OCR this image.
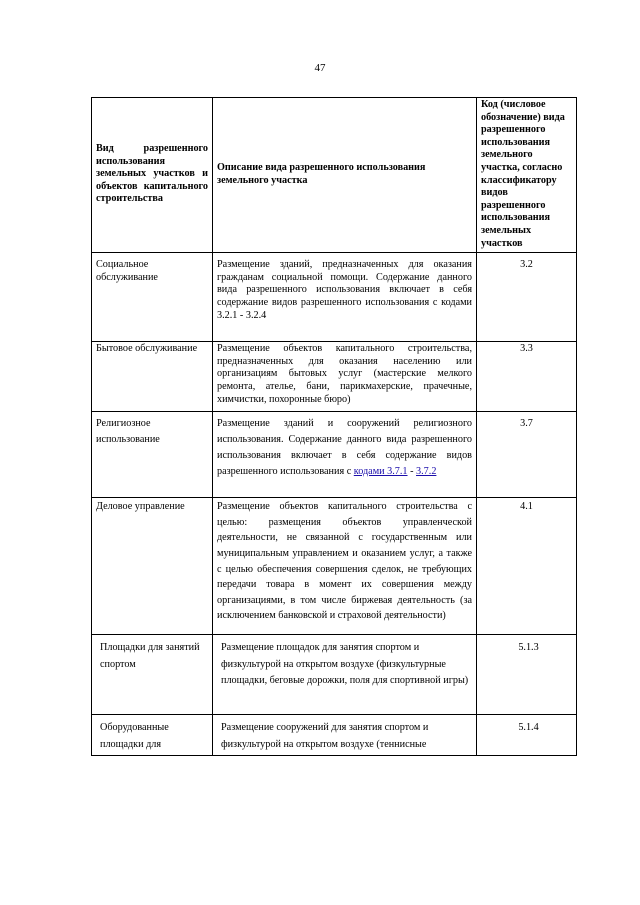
47
Вид разрешенного использования земельных участков и объектов капитального строительства	Описание вида разрешенного использования земельного участка	Код (числовое обозначение) вида разрешенного использования земельного участка, согласно классификатору видов разрешенного использования земельных участков
Социальное обслуживание	Размещение зданий, предназначенных для оказания гражданам социальной помощи. Содержание данного вида разрешенного использования включает в себя содержание видов разрешенного использования с кодами 3.2.1 - 3.2.4	3.2
Бытовое обслуживание	Размещение объектов капитального строительства, предназначенных для оказания населению или организациям бытовых услуг (мастерские мелкого ремонта, ателье, бани, парикмахерские, прачечные, химчистки, похоронные бюро)	3.3
Религиозное использование	Размещение зданий и сооружений религиозного использования. Содержание данного вида разрешенного использования включает в себя содержание видов разрешенного использования с кодами 3.7.1 - 3.7.2	3.7
Деловое управление	Размещение объектов капитального строительства с целью: размещения объектов управленческой деятельности, не связанной с государственным или муниципальным управлением и оказанием услуг, а также с целью обеспечения совершения сделок, не требующих передачи товара в момент их совершения между организациями, в том числе биржевая деятельность (за исключением банковской и страховой деятельности)	4.1
Площадки для занятий спортом	Размещение площадок для занятия спортом и физкультурой на открытом воздухе (физкультурные площадки, беговые дорожки, поля для спортивной игры)	5.1.3
Оборудованные площадки для	Размещение сооружений для занятия спортом и физкультурой на открытом воздухе (теннисные	5.1.4
